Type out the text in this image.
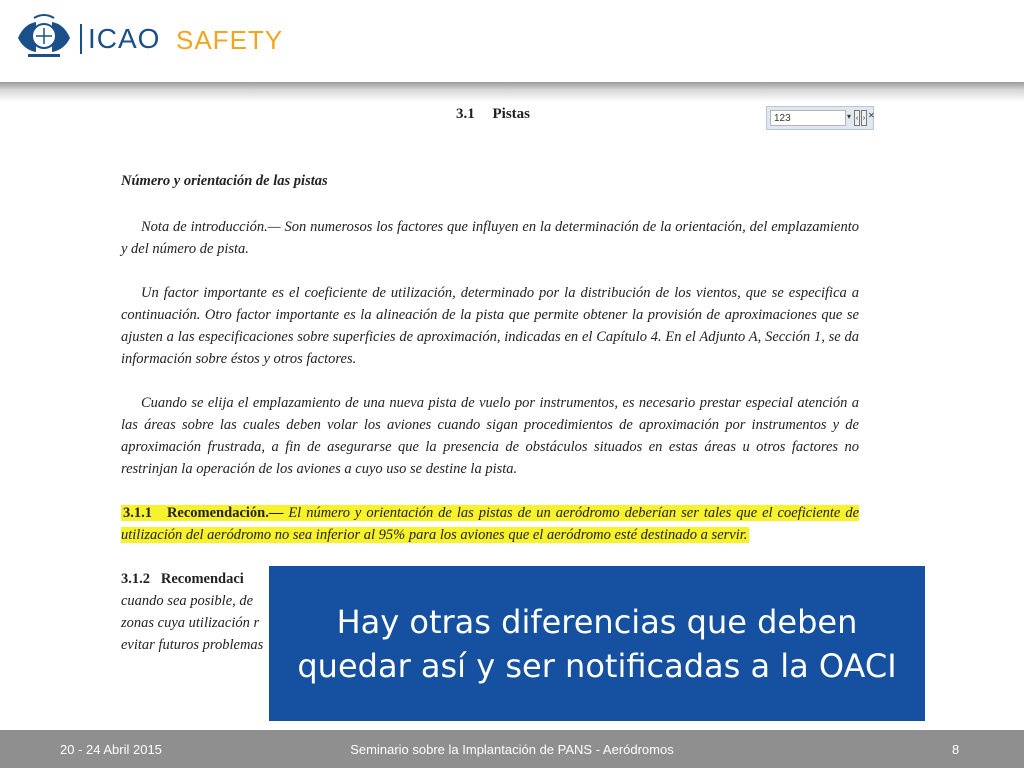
ICAO SAFETY
3.1 Pistas	123	▾ ‹ › ✕
Número y orientación de las pistas

Nota de introducción.— Son numerosos los factores que influyen en la determinación de la orientación, del emplazamiento y del número de pista.

Un factor importante es el coeficiente de utilización, determinado por la distribución de los vientos, que se especifica a continuación. Otro factor importante es la alineación de la pista que permite obtener la provisión de aproximaciones que se ajusten a las especificaciones sobre superficies de aproximación, indicadas en el Capítulo 4. En el Adjunto A, Sección 1, se da información sobre éstos y otros factores.

Cuando se elija el emplazamiento de una nueva pista de vuelo por instrumentos, es necesario prestar especial atención a las áreas sobre las cuales deben volar los aviones cuando sigan procedimientos de aproximación por instrumentos y de aproximación frustrada, a fin de asegurarse que la presencia de obstáculos situados en estas áreas u otros factores no restrinjan la operación de los aviones a cuyo uso se destine la pista.

3.1.1 Recomendación.— El número y orientación de las pistas de un aeródromo deberían ser tales que el coeficiente de utilización del aeródromo no sea inferior al 95% para los aviones que el aeródromo esté destinado a servir.
3.1.2 Recomendaci
cuando sea posible, de
zonas cuya utilización r
evitar futuros problemas
Hay otras diferencias que deben quedar así y ser notificadas a la OACI
20 - 24 Abril 2015	Seminario sobre la Implantación de PANS - Aeródromos	8
